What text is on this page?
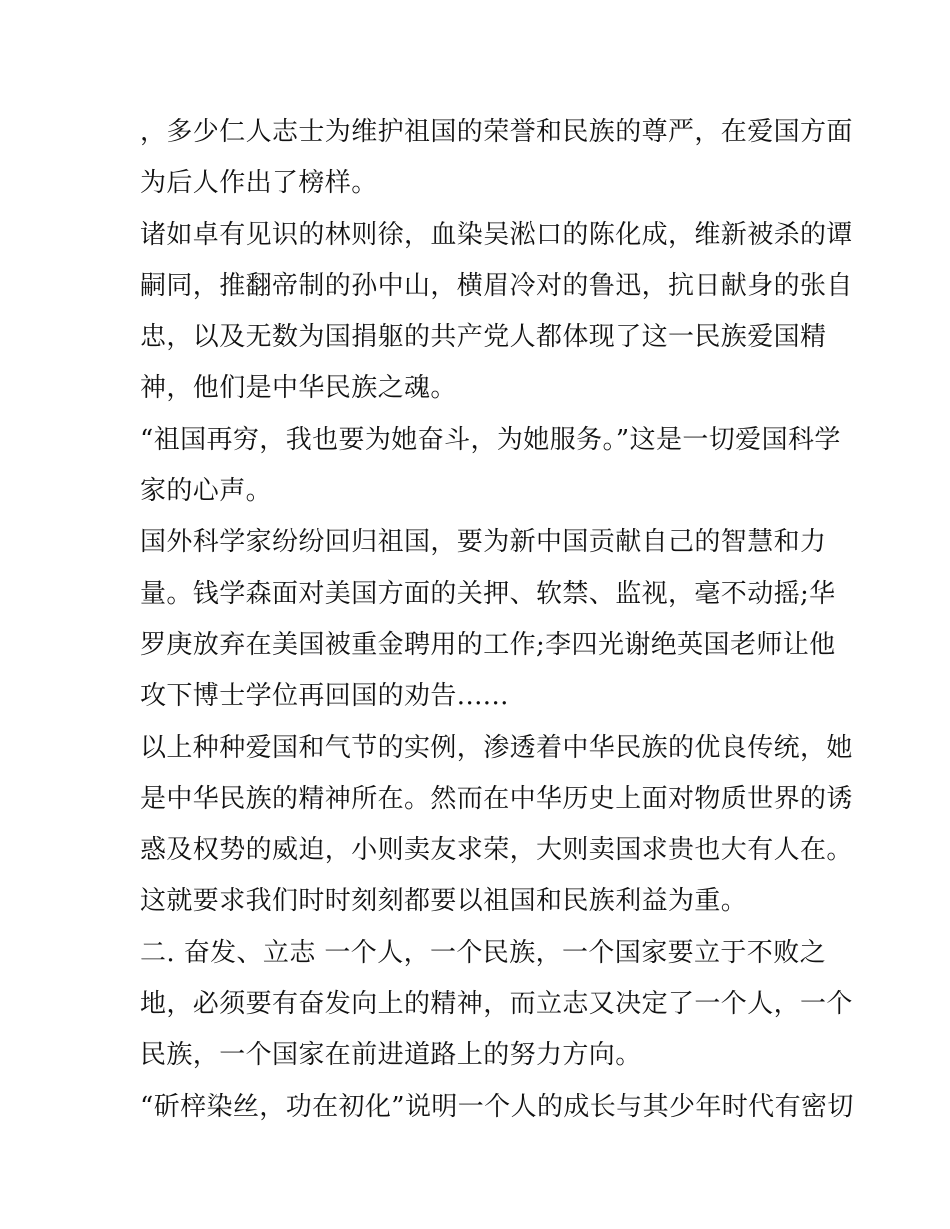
，多少仁人志士为维护祖国的荣誉和民族的尊严，在爱国方面
为后人作出了榜样。
诸如卓有见识的林则徐，血染吴淞口的陈化成，维新被杀的谭
嗣同，推翻帝制的孙中山，横眉冷对的鲁迅，抗日献身的张自
忠，以及无数为国捐躯的共产党人都体现了这一民族爱国精
神，他们是中华民族之魂。
“祖国再穷，我也要为她奋斗，为她服务。”这是一切爱国科学
家的心声。
国外科学家纷纷回归祖国，要为新中国贡献自己的智慧和力
量。钱学森面对美国方面的关押、软禁、监视，毫不动摇;华
罗庚放弃在美国被重金聘用的工作;李四光谢绝英国老师让他
攻下博士学位再回国的劝告......
以上种种爱国和气节的实例，渗透着中华民族的优良传统，她
是中华民族的精神所在。然而在中华历史上面对物质世界的诱
惑及权势的威迫，小则卖友求荣，大则卖国求贵也大有人在。
这就要求我们时时刻刻都要以祖国和民族利益为重。
二. 奋发、立志 一个人，一个民族，一个国家要立于不败之
地，必须要有奋发向上的精神，而立志又决定了一个人，一个
民族，一个国家在前进道路上的努力方向。
“斫梓染丝，功在初化”说明一个人的成长与其少年时代有密切
